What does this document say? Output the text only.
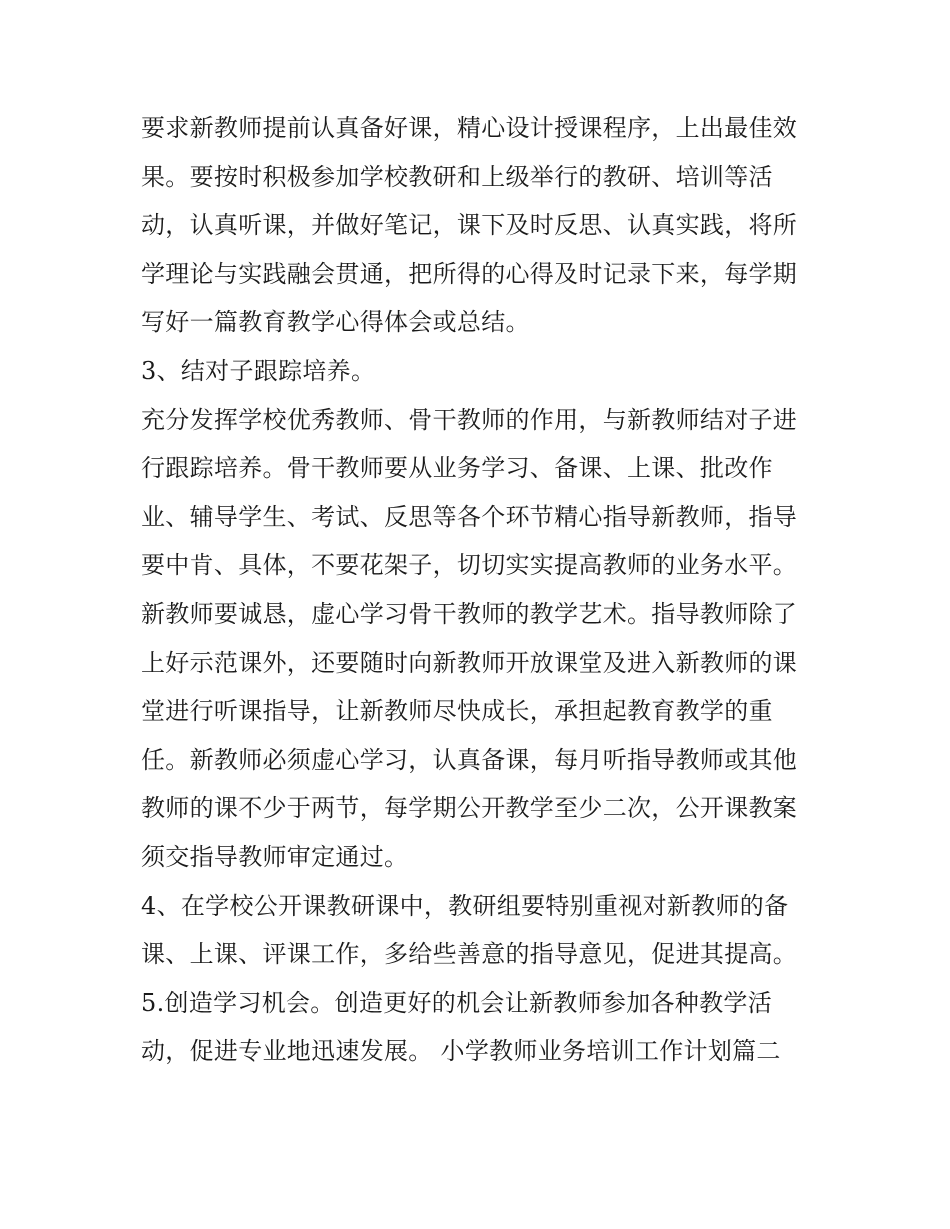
要求新教师提前认真备好课，精心设计授课程序，上出最佳效
果。要按时积极参加学校教研和上级举行的教研、培训等活
动，认真听课，并做好笔记，课下及时反思、认真实践，将所
学理论与实践融会贯通，把所得的心得及时记录下来，每学期
写好一篇教育教学心得体会或总结。
3、结对子跟踪培养。
充分发挥学校优秀教师、骨干教师的作用，与新教师结对子进
行跟踪培养。骨干教师要从业务学习、备课、上课、批改作
业、辅导学生、考试、反思等各个环节精心指导新教师，指导
要中肯、具体，不要花架子，切切实实提高教师的业务水平。
新教师要诚恳，虚心学习骨干教师的教学艺术。指导教师除了
上好示范课外，还要随时向新教师开放课堂及进入新教师的课
堂进行听课指导，让新教师尽快成长，承担起教育教学的重
任。新教师必须虚心学习，认真备课，每月听指导教师或其他
教师的课不少于两节，每学期公开教学至少二次，公开课教案
须交指导教师审定通过。
4、在学校公开课教研课中，教研组要特别重视对新教师的备
课、上课、评课工作，多给些善意的指导意见，促进其提高。
5.创造学习机会。创造更好的机会让新教师参加各种教学活
动，促进专业地迅速发展。 小学教师业务培训工作计划篇二
